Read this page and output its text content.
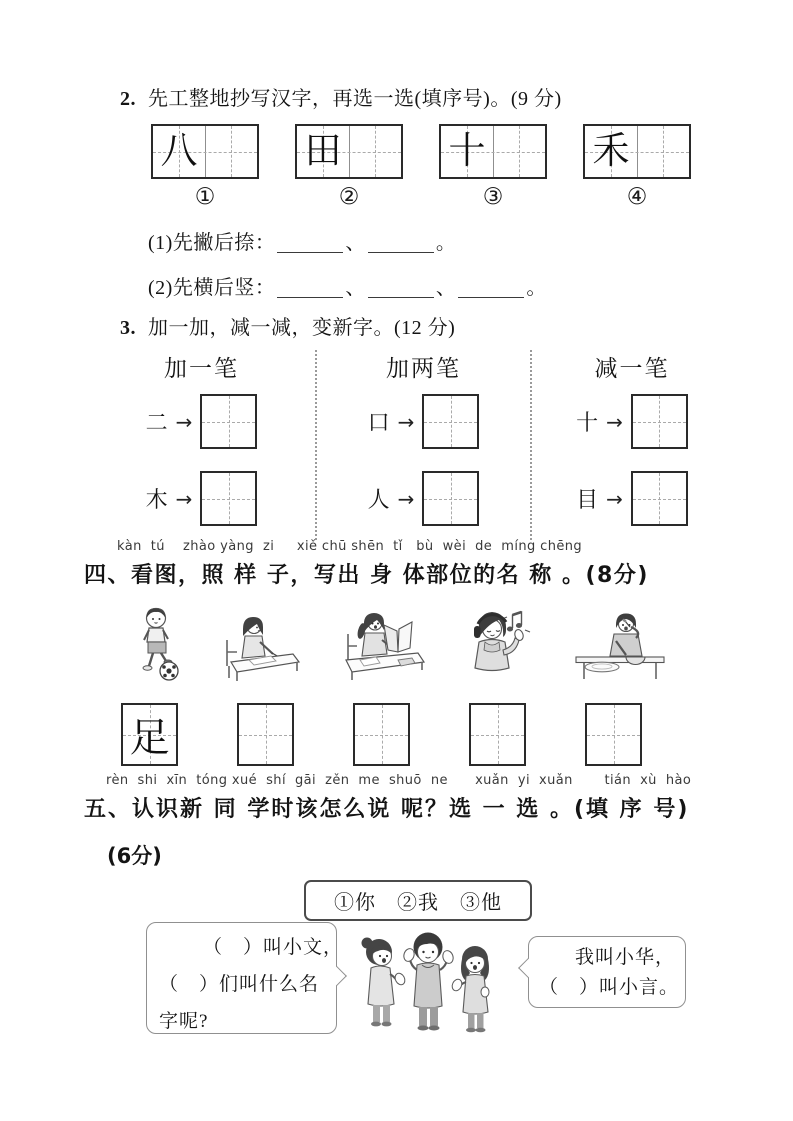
2. 先工整地抄写汉字，再选一选(填序号)。(9 分)
八	田	十	禾
①	②	③	④
(1)先撇后捺：	、	。
(2)先横后竖：	、	、	。
3. 加一加，减一减，变新字。(12 分)
加一笔
二 →
木 →
加两笔
口 →
人 →
减一笔
十 →
目 →
kàn  tú    zhào yàng  zi     xiě chū shēn  tǐ   bù  wèi  de  míng chēng
四、看图，照 样 子，写出 身 体部位的名 称 。(8分)
足
rèn  shi  xīn  tóng xué  shí  gāi  zěn  me  shuō  ne      xuǎn  yi  xuǎn       tián  xù  hào
五、认识新 同 学时该怎么说 呢？选 一 选 。(填 序 号)
(6分)
①你　②我　③他
（　）叫小文，
（　）们叫什么名
字呢?
我叫小华，
（　）叫小言。
